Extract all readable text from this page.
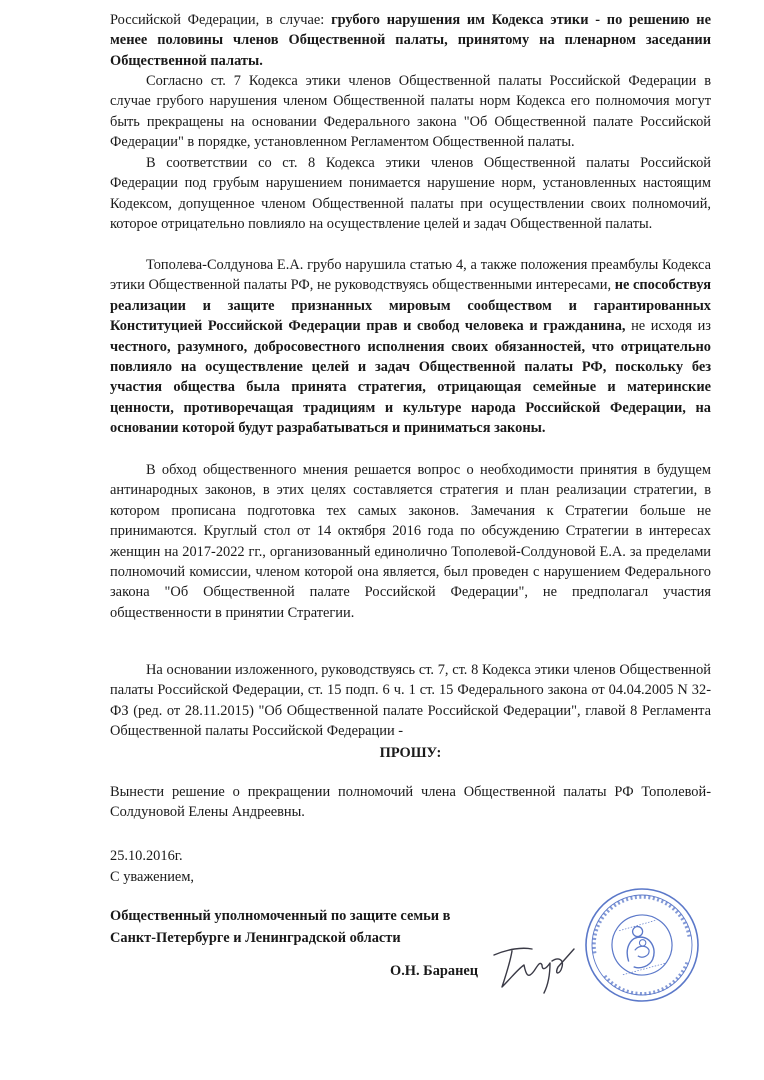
Российской Федерации, в случае: грубого нарушения им Кодекса этики - по решению не менее половины членов Общественной палаты, принятому на пленарном заседании Общественной палаты.

Согласно ст. 7 Кодекса этики членов Общественной палаты Российской Федерации в случае грубого нарушения членом Общественной палаты норм Кодекса его полномочия могут быть прекращены на основании Федерального закона "Об Общественной палате Российской Федерации" в порядке, установленном Регламентом Общественной палаты.

В соответствии со ст. 8 Кодекса этики членов Общественной палаты Российской Федерации под грубым нарушением понимается нарушение норм, установленных настоящим Кодексом, допущенное членом Общественной палаты при осуществлении своих полномочий, которое отрицательно повлияло на осуществление целей и задач Общественной палаты.

Тополева-Солдунова Е.А. грубо нарушила статью 4, а также положения преамбулы Кодекса этики Общественной палаты РФ, не руководствуясь общественными интересами, не способствуя реализации и защите признанных мировым сообществом и гарантированных Конституцией Российской Федерации прав и свобод человека и гражданина, не исходя из честного, разумного, добросовестного исполнения своих обязанностей, что отрицательно повлияло на осуществление целей и задач Общественной палаты РФ, поскольку без участия общества была принята стратегия, отрицающая семейные и материнские ценности, противоречащая традициям и культуре народа Российской Федерации, на основании которой будут разрабатываться и приниматься законы.

В обход общественного мнения решается вопрос о необходимости принятия в будущем антинародных законов, в этих целях составляется стратегия и план реализации стратегии, в котором прописана подготовка тех самых законов. Замечания к Стратегии больше не принимаются. Круглый стол от 14 октября 2016 года по обсуждению Стратегии в интересах женщин на 2017-2022 гг., организованный единолично Тополевой-Солдуновой Е.А. за пределами полномочий комиссии, членом которой она является, был проведен с нарушением Федерального закона "Об Общественной палате Российской Федерации", не предполагал участия общественности в принятии Стратегии.

На основании изложенного, руководствуясь ст. 7, ст. 8 Кодекса этики членов Общественной палаты Российской Федерации, ст. 15 подп. 6 ч. 1 ст. 15 Федерального закона от 04.04.2005 N 32-ФЗ (ред. от 28.11.2015) "Об Общественной палате Российской Федерации", главой 8 Регламента Общественной палаты Российской Федерации -

ПРОШУ:

Вынести решение о прекращении полномочий члена Общественной палаты РФ Тополевой-Солдуновой Елены Андреевны.

25.10.2016г.

С уважением,

Общественный уполномоченный по защите семьи в
Санкт-Петербурге и Ленинградской области

О.Н. Баранец
